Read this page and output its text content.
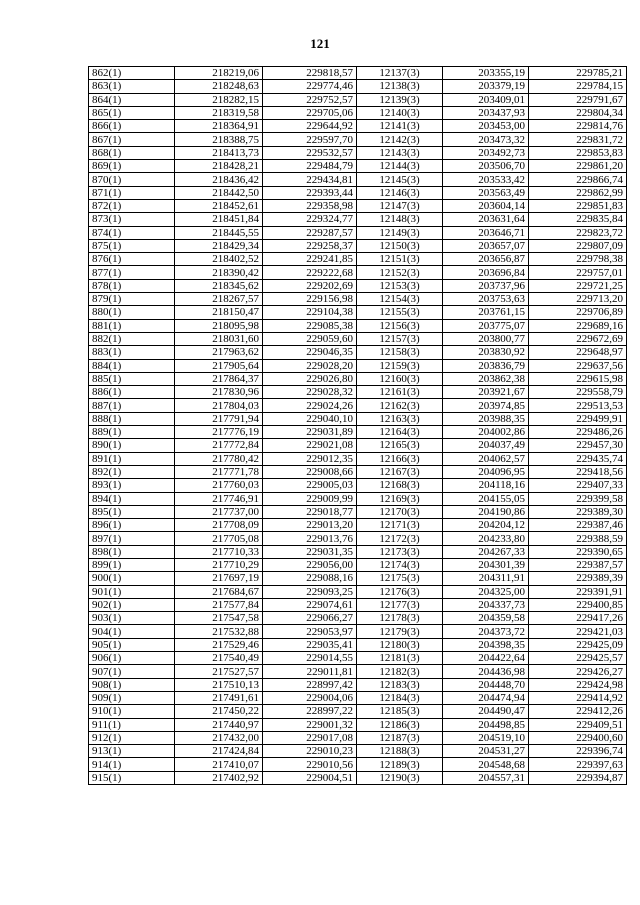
121
862(1)	218219,06	229818,57	12137(3)	203355,19	229785,21
863(1)	218248,63	229774,46	12138(3)	203379,19	229784,15
864(1)	218282,15	229752,57	12139(3)	203409,01	229791,67
865(1)	218319,58	229705,06	12140(3)	203437,93	229804,34
866(1)	218364,91	229644,92	12141(3)	203453,00	229814,76
867(1)	218388,75	229597,70	12142(3)	203473,32	229831,72
868(1)	218413,73	229532,57	12143(3)	203492,73	229853,83
869(1)	218428,21	229484,79	12144(3)	203506,70	229861,20
870(1)	218436,42	229434,81	12145(3)	203533,42	229866,74
871(1)	218442,50	229393,44	12146(3)	203563,49	229862,99
872(1)	218452,61	229358,98	12147(3)	203604,14	229851,83
873(1)	218451,84	229324,77	12148(3)	203631,64	229835,84
874(1)	218445,55	229287,57	12149(3)	203646,71	229823,72
875(1)	218429,34	229258,37	12150(3)	203657,07	229807,09
876(1)	218402,52	229241,85	12151(3)	203656,87	229798,38
877(1)	218390,42	229222,68	12152(3)	203696,84	229757,01
878(1)	218345,62	229202,69	12153(3)	203737,96	229721,25
879(1)	218267,57	229156,98	12154(3)	203753,63	229713,20
880(1)	218150,47	229104,38	12155(3)	203761,15	229706,89
881(1)	218095,98	229085,38	12156(3)	203775,07	229689,16
882(1)	218031,60	229059,60	12157(3)	203800,77	229672,69
883(1)	217963,62	229046,35	12158(3)	203830,92	229648,97
884(1)	217905,64	229028,20	12159(3)	203836,79	229637,56
885(1)	217864,37	229026,80	12160(3)	203862,38	229615,98
886(1)	217830,96	229028,32	12161(3)	203921,67	229558,79
887(1)	217804,03	229024,26	12162(3)	203974,85	229513,53
888(1)	217791,94	229040,10	12163(3)	203988,35	229499,91
889(1)	217776,19	229031,89	12164(3)	204002,86	229486,26
890(1)	217772,84	229021,08	12165(3)	204037,49	229457,30
891(1)	217780,42	229012,35	12166(3)	204062,57	229435,74
892(1)	217771,78	229008,66	12167(3)	204096,95	229418,56
893(1)	217760,03	229005,03	12168(3)	204118,16	229407,33
894(1)	217746,91	229009,99	12169(3)	204155,05	229399,58
895(1)	217737,00	229018,77	12170(3)	204190,86	229389,30
896(1)	217708,09	229013,20	12171(3)	204204,12	229387,46
897(1)	217705,08	229013,76	12172(3)	204233,80	229388,59
898(1)	217710,33	229031,35	12173(3)	204267,33	229390,65
899(1)	217710,29	229056,00	12174(3)	204301,39	229387,57
900(1)	217697,19	229088,16	12175(3)	204311,91	229389,39
901(1)	217684,67	229093,25	12176(3)	204325,00	229391,91
902(1)	217577,84	229074,61	12177(3)	204337,73	229400,85
903(1)	217547,58	229066,27	12178(3)	204359,58	229417,26
904(1)	217532,88	229053,97	12179(3)	204373,72	229421,03
905(1)	217529,46	229035,41	12180(3)	204398,35	229425,09
906(1)	217540,49	229014,55	12181(3)	204422,64	229425,57
907(1)	217527,57	229011,81	12182(3)	204436,98	229426,27
908(1)	217510,13	228997,42	12183(3)	204448,70	229424,98
909(1)	217491,61	229004,06	12184(3)	204474,94	229414,92
910(1)	217450,22	228997,22	12185(3)	204490,47	229412,26
911(1)	217440,97	229001,32	12186(3)	204498,85	229409,51
912(1)	217432,00	229017,08	12187(3)	204519,10	229400,60
913(1)	217424,84	229010,23	12188(3)	204531,27	229396,74
914(1)	217410,07	229010,56	12189(3)	204548,68	229397,63
915(1)	217402,92	229004,51	12190(3)	204557,31	229394,87
